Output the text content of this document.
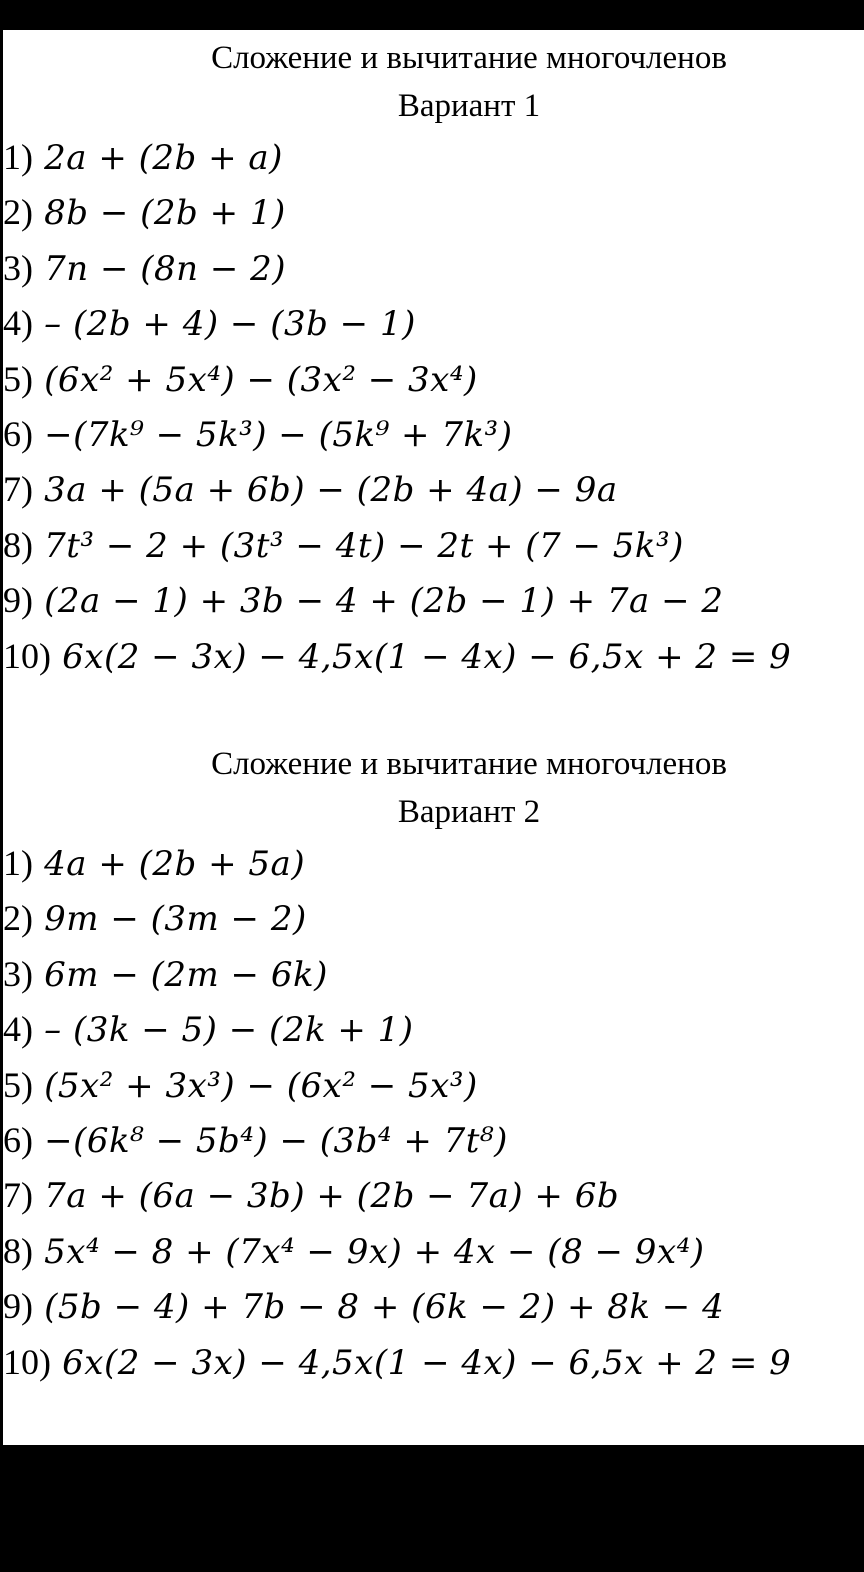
Сложение и вычитание многочленов
Вариант 1
1) 2a + (2b + a)
2) 8b − (2b + 1)
3) 7n − (8n − 2)
4) – (2b + 4) − (3b − 1)
5) (6x² + 5x⁴) − (3x² − 3x⁴)
6) −(7k⁹ − 5k³) − (5k⁹ + 7k³)
7) 3a + (5a + 6b) − (2b + 4a) − 9a
8) 7t³ − 2 + (3t³ − 4t) − 2t + (7 − 5k³)
9) (2a − 1) + 3b − 4 + (2b − 1) + 7a − 2
10) 6x(2 − 3x) − 4,5x(1 − 4x) − 6,5x + 2 = 9
Сложение и вычитание многочленов
Вариант 2
1) 4a + (2b + 5a)
2) 9m − (3m − 2)
3) 6m − (2m − 6k)
4) – (3k − 5) − (2k + 1)
5) (5x² + 3x³) − (6x² − 5x³)
6) −(6k⁸ − 5b⁴) − (3b⁴ + 7t⁸)
7) 7a + (6a − 3b) + (2b − 7a) + 6b
8) 5x⁴ − 8 + (7x⁴ − 9x) + 4x − (8 − 9x⁴)
9) (5b − 4) + 7b − 8 + (6k − 2) + 8k − 4
10) 6x(2 − 3x) − 4,5x(1 − 4x) − 6,5x + 2 = 9
